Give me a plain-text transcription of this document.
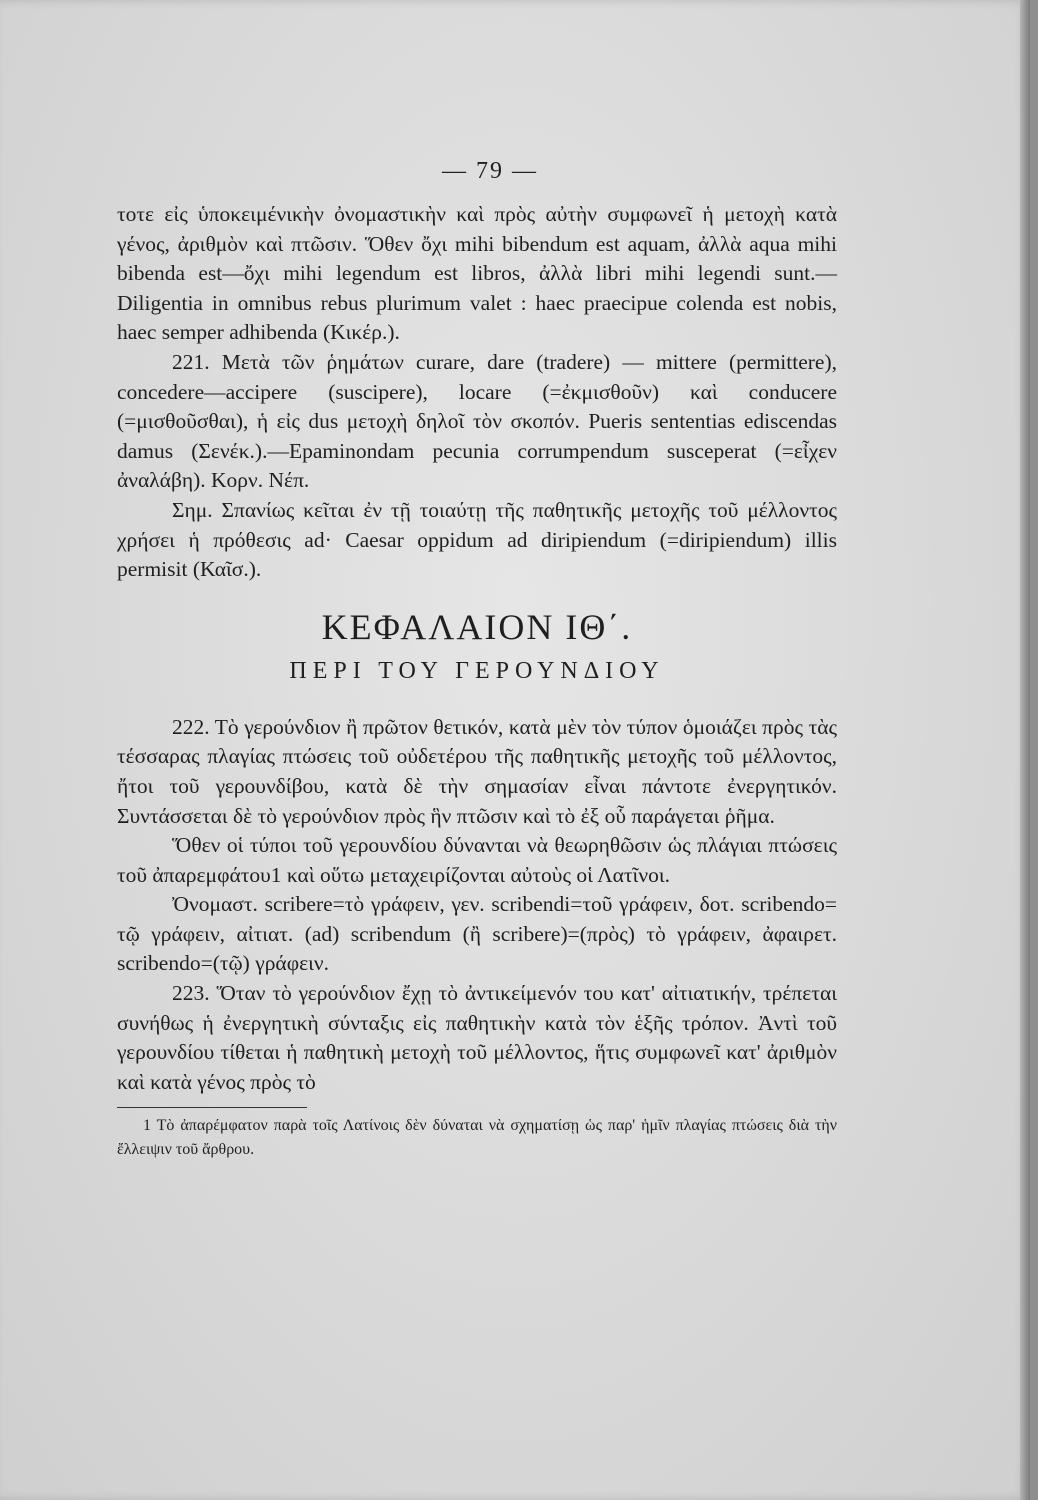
— 79 —

τοτε εἰς ὑποκειμένικὴν ὀνομαστικὴν καὶ πρὸς αὐτὴν συμφωνεῖ ἡ μετοχὴ κατὰ γένος, ἀριθμὸν καὶ πτῶσιν. Ὅθεν ὄχι mihi bibendum est aquam, ἀλλὰ aqua mihi bibenda est—ὄχι mihi legendum est libros, ἀλλὰ libri mihi legendi sunt.—Diligentia in omnibus rebus plurimum valet : haec praecipue colenda est nobis, haec semper adhibenda (Κικέρ.).

221. Μετὰ τῶν ῥημάτων curare, dare (tradere) — mittere (permittere), concedere—accipere (suscipere), locare (=ἐκμισθοῦν) καὶ conducere (=μισθοῦσθαι), ἡ εἰς dus μετοχὴ δηλοῖ τὸν σκοπόν. Pueris sententias ediscendas damus (Σενέκ.).—Epaminondam pecunia corrumpendum susceperat (=εἶχεν ἀναλάβη). Κορν. Νέπ.

Σημ. Σπανίως κεῖται ἐν τῇ τοιαύτῃ τῆς παθητικῆς μετοχῆς τοῦ μέλλοντος χρήσει ἡ πρόθεσις ad· Caesar oppidum ad diripiendum (=diripiendum) illis permisit (Καῖσ.).

ΚΕΦΑΛΑΙΟΝ ΙΘ΄.
ΠΕΡΙ ΤΟΥ ΓΕΡΟΥΝΔΙΟΥ

222. Τὸ γερούνδιον ἢ πρῶτον θετικόν, κατὰ μὲν τὸν τύπον ὁμοιάζει πρὸς τὰς τέσσαρας πλαγίας πτώσεις τοῦ οὐδετέρου τῆς παθητικῆς μετοχῆς τοῦ μέλλοντος, ἤτοι τοῦ γερουνδίβου, κατὰ δὲ τὴν σημασίαν εἶναι πάντοτε ἐνεργητικόν. Συντάσσεται δὲ τὸ γερούνδιον πρὸς ἣν πτῶσιν καὶ τὸ ἐξ οὗ παράγεται ῥῆμα.

Ὅθεν οἱ τύποι τοῦ γερουνδίου δύνανται νὰ θεωρηθῶσιν ὡς πλάγιαι πτώσεις τοῦ ἀπαρεμφάτου1 καὶ οὕτω μεταχειρίζονται αὐτοὺς οἱ Λατῖνοι.

Ὀνομαστ. scribere=τὸ γράφειν, γεν. scribendi=τοῦ γράφειν, δοτ. scribendo= τῷ γράφειν, αἰτιατ. (ad) scribendum (ἢ scribere)=(πρὸς) τὸ γράφειν, ἀφαιρετ. scribendo=(τῷ) γράφειν.

223. Ὅταν τὸ γερούνδιον ἔχῃ τὸ ἀντικείμενόν του κατ' αἰτιατικήν, τρέπεται συνήθως ἡ ἐνεργητικὴ σύνταξις εἰς παθητικὴν κατὰ τὸν ἑξῆς τρόπον. Ἀντὶ τοῦ γερουνδίου τίθεται ἡ παθητικὴ μετοχὴ τοῦ μέλλοντος, ἥτις συμφωνεῖ κατ' ἀριθμὸν καὶ κατὰ γένος πρὸς τὸ

1 Τὸ ἀπαρέμφατον παρὰ τοῖς Λατίνοις δὲν δύναται νὰ σχηματίσῃ ὡς παρ' ἡμῖν πλαγίας πτώσεις διὰ τὴν ἔλλειψιν τοῦ ἄρθρου.
